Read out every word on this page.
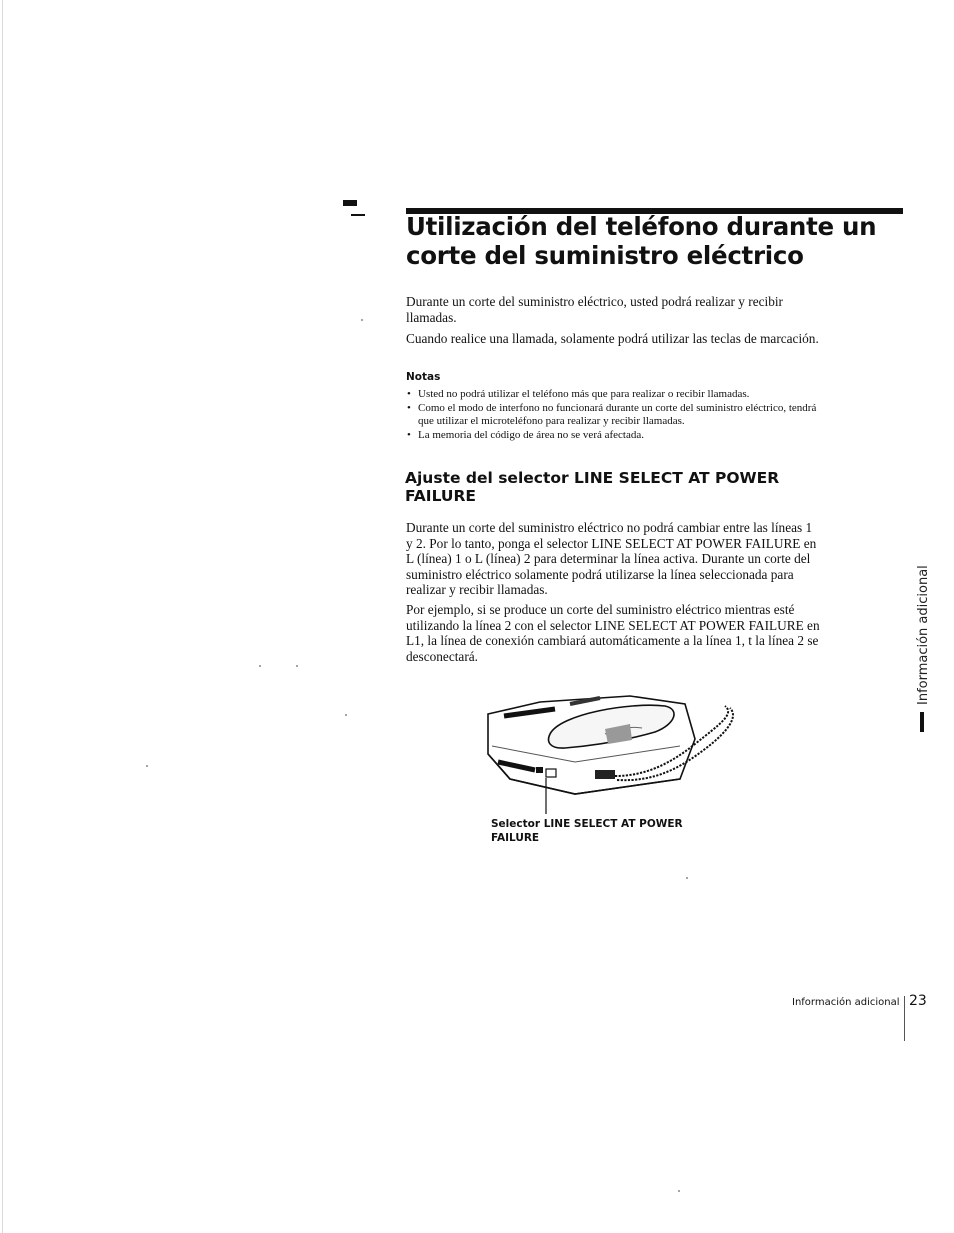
Utilización del teléfono durante un corte del suministro eléctrico

Durante un corte del suministro eléctrico, usted podrá realizar y recibir llamadas.

Cuando realice una llamada, solamente podrá utilizar las teclas de marcación.

Notas
• Usted no podrá utilizar el teléfono más que para realizar o recibir llamadas.
• Como el modo de interfono no funcionará durante un corte del suministro eléctrico, tendrá que utilizar el microteléfono para realizar y recibir llamadas.
• La memoria del código de área no se verá afectada.
Ajuste del selector LINE SELECT AT POWER FAILURE

Durante un corte del suministro eléctrico no podrá cambiar entre las líneas 1 y 2. Por lo tanto, ponga el selector LINE SELECT AT POWER FAILURE en L (línea) 1 o L (línea) 2 para determinar la línea activa. Durante un corte del suministro eléctrico solamente podrá utilizarse la línea seleccionada para realizar y recibir llamadas.

Por ejemplo, si se produce un corte del suministro eléctrico mientras esté utilizando la línea 2 con el selector LINE SELECT AT POWER FAILURE en L1, la línea de conexión cambiará automáticamente a la línea 1, t la línea 2 se desconectará.

Selector LINE SELECT AT POWER FAILURE

Información adicional

Información adicional 23
